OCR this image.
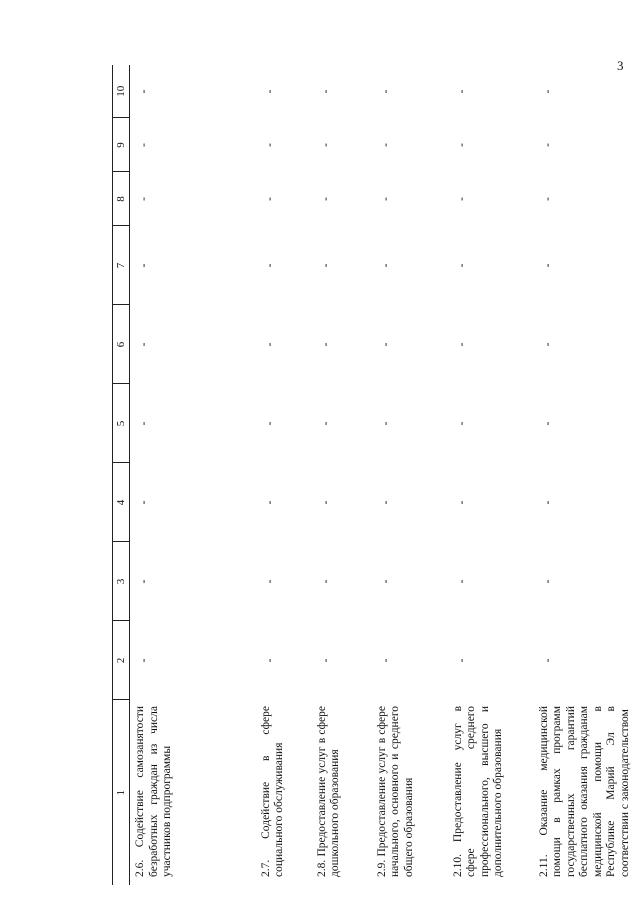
3
1	2	3	4	5	6	7	8	9	10
2.6. Содействие самозанятости безработных граждан из числа участников подпрограммы	-	-	-	-	-	-	-	-	-
2.7. Содействие в сфере социального обслуживания	-	-	-	-	-	-	-	-	-
2.8. Предоставление услуг в сфере дошкольного образования	-	-	-	-	-	-	-	-	-
2.9. Предоставление услуг в сфере начального, основного и среднего общего образования	-	-	-	-	-	-	-	-	-
2.10. Предоставление услуг в сфере среднего профессионального, высшего и дополнительного образования	-	-	-	-	-	-	-	-	-
2.11. Оказание медицинской помощи в рамках программ государственных гарантий бесплатного оказания гражданам медицинской помощи в Республике Марий Эл в соответствии с законодательством	-	-	-	-	-	-	-	-	-
